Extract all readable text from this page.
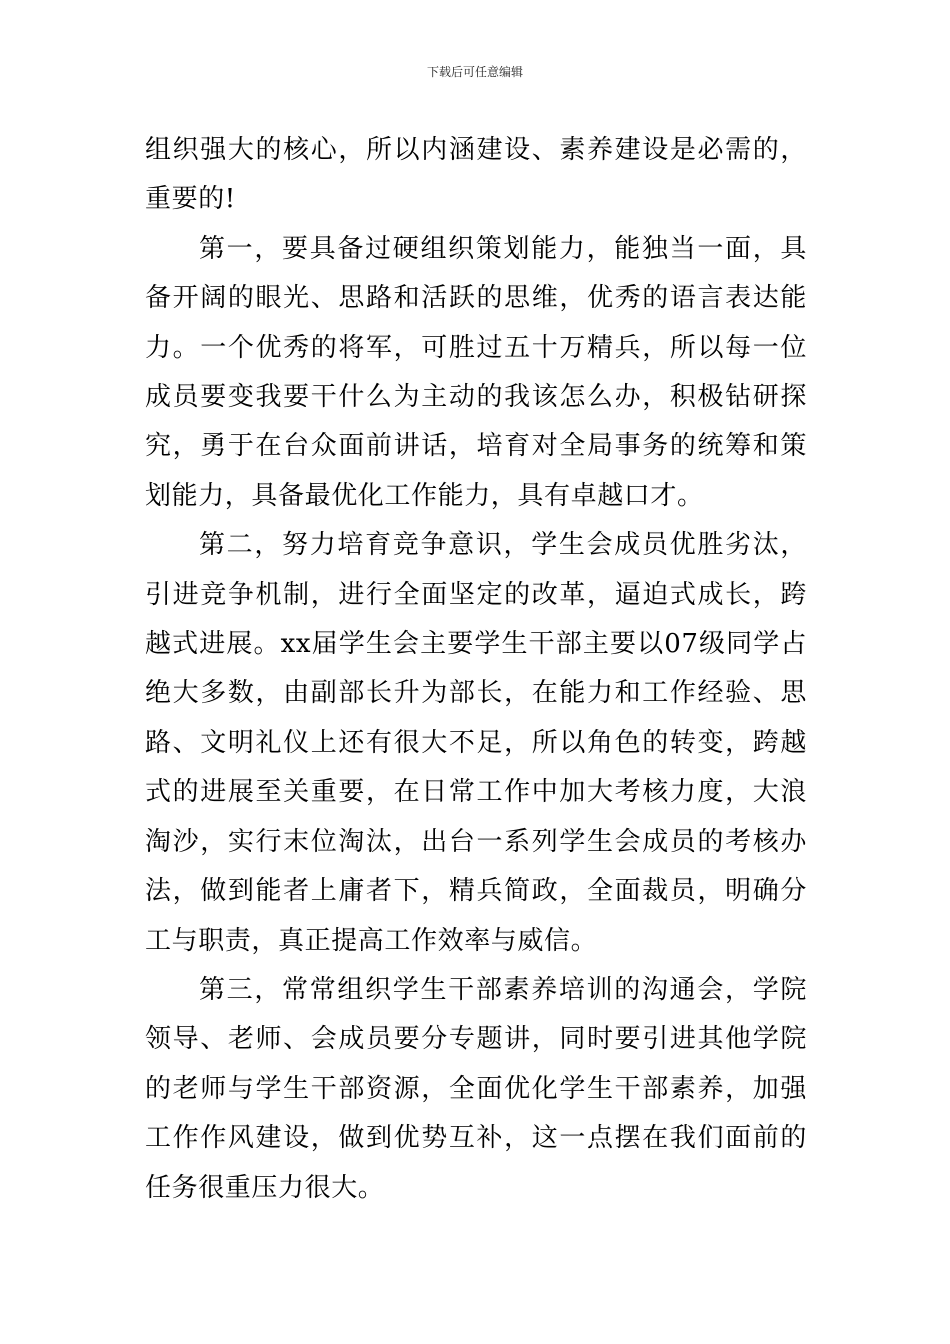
下载后可任意编辑

组织强大的核心，所以内涵建设、素养建设是必需的，重要的!

第一，要具备过硬组织策划能力，能独当一面，具备开阔的眼光、思路和活跃的思维，优秀的语言表达能力。一个优秀的将军，可胜过五十万精兵，所以每一位成员要变我要干什么为主动的我该怎么办，积极钻研探究，勇于在台众面前讲话，培育对全局事务的统筹和策划能力，具备最优化工作能力，具有卓越口才。

第二，努力培育竞争意识，学生会成员优胜劣汰，引进竞争机制，进行全面坚定的改革，逼迫式成长，跨越式进展。xx届学生会主要学生干部主要以07级同学占绝大多数，由副部长升为部长，在能力和工作经验、思路、文明礼仪上还有很大不足，所以角色的转变，跨越式的进展至关重要，在日常工作中加大考核力度，大浪淘沙，实行末位淘汰，出台一系列学生会成员的考核办法，做到能者上庸者下，精兵简政，全面裁员，明确分工与职责，真正提高工作效率与威信。

第三，常常组织学生干部素养培训的沟通会，学院领导、老师、会成员要分专题讲，同时要引进其他学院的老师与学生干部资源，全面优化学生干部素养，加强工作作风建设，做到优势互补，这一点摆在我们面前的任务很重压力很大。
